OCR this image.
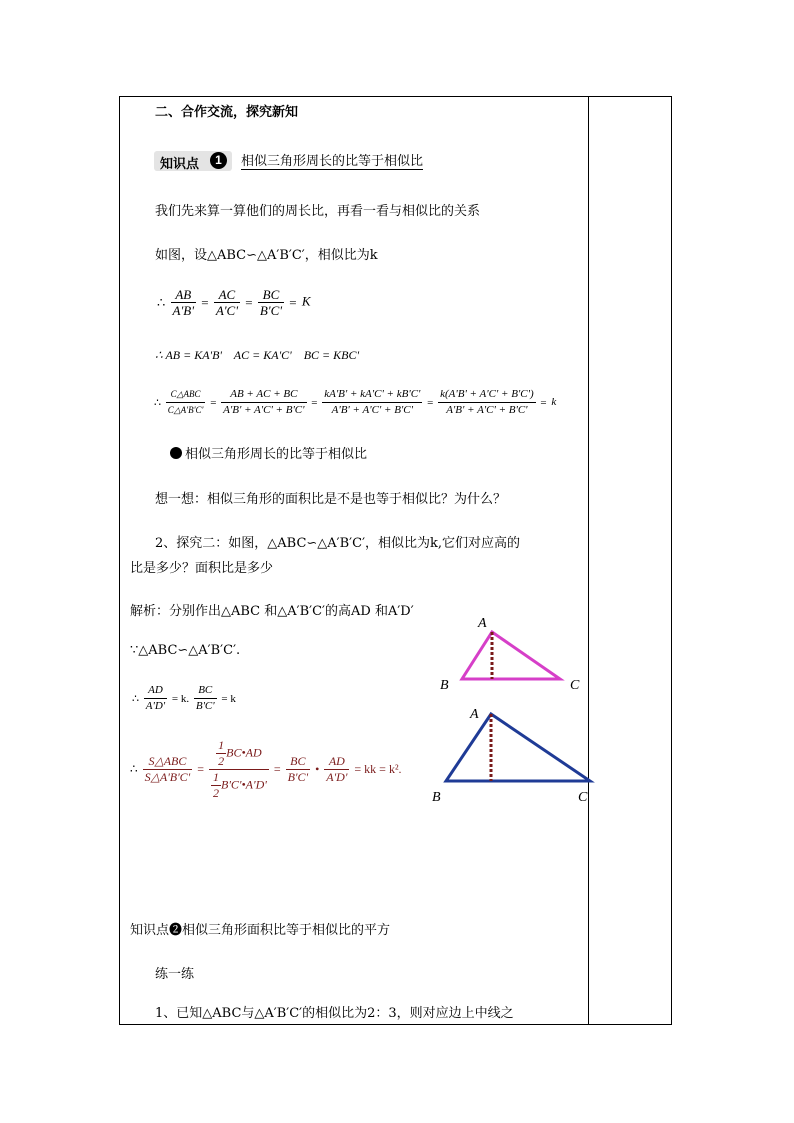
二、合作交流，探究新知
知识点	1	相似三角形周长的比等于相似比
我们先来算一算他们的周长比，再看一看与相似比的关系
如图，设△ABC∽△A′B′C′，相似比为k
∴ $\frac{AB}{A'B'} = \frac{AC}{A'C'} = \frac{BC}{B'C'} = K$
∴ AB = KA'B' AC = KA'C' BC = KBC'
∴ $\frac{\text{C△ABC}}{C\triangle A'B'C'} = \frac{AB + AC + BC}{A'B' + A'C' + B'C'} = \frac{kA'B' + kA'C' + kB'C'}{A'B' + A'C' + B'C'} = \frac{k(A'B' + A'C' + B'C')}{A'B' + A'C' + B'C'} = k$
相似三角形周长的比等于相似比
想一想：相似三角形的面积比是不是也等于相似比？为什么？
2、探究二：如图，△ABC∽△A′B′C′，相似比为k,它们对应高的
比是多少？面积比是多少
解析：分别作出△ABC 和△A′B′C′的高AD 和A′D′
∵△ABC∽△A′B′C′.
∴ $\frac{AD}{A'D'} = k$. $\frac{BC}{B'C'} = k$
∴ $\frac{\text{S△ABC}}{S\triangle A'B'C'} = \frac{\frac{1}{2} BC•AD}{\frac{1}{2} B'C'•A'D'} = \frac{BC}{B'C'}$ • $\frac{AD}{A'D'}$ = kk = k².
A
B	C
A
B	C
知识点❷相似三角形面积比等于相似比的平方
练一练
1、已知△ABC与△A′B′C′的相似比为2：3，则对应边上中线之
